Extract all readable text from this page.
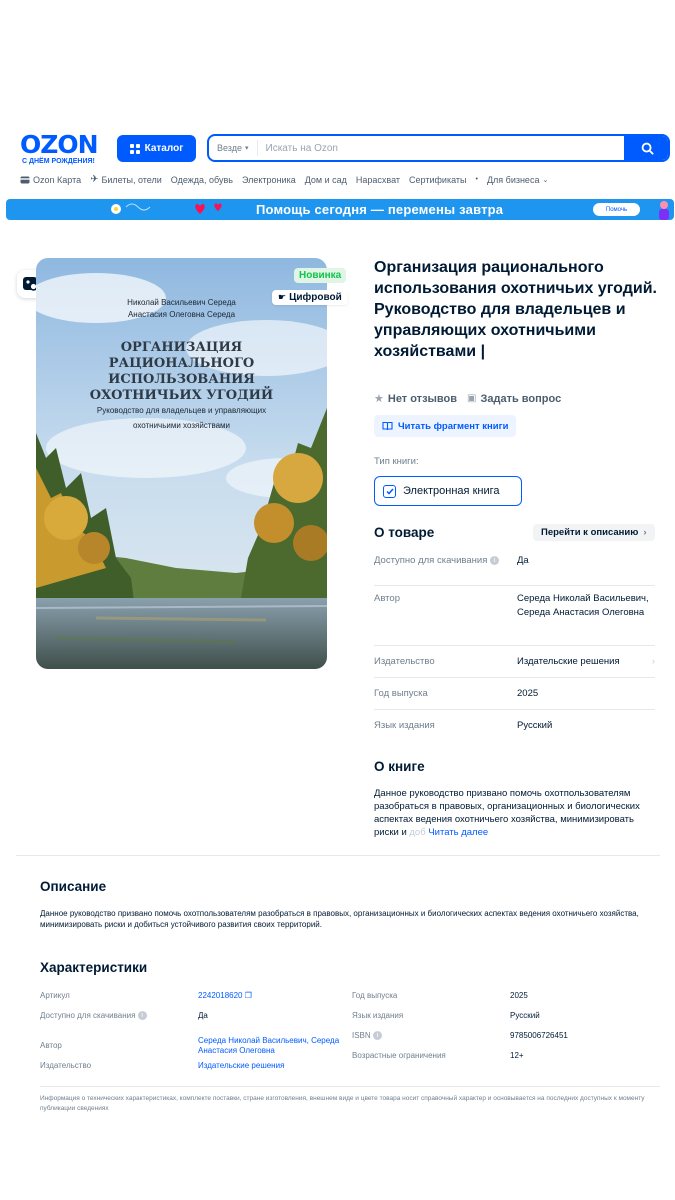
OZON
С ДНЁМ РОЖДЕНИЯ!
Каталог	Везде ▾
Искать на Ozon
Ozon Карта ✈ Билеты, отели Одежда, обувь Электроника Дом и сад Нарасхват Сертификаты • Для бизнеса ⌄
Помощь сегодня — перемены завтра	Помочь
Николай Васильевич Середа
Анастасия Олеговна Середа
ОРГАНИЗАЦИЯ РАЦИОНАЛЬНОГО ИСПОЛЬЗОВАНИЯ ОХОТНИЧЬИХ УГОДИЙ
Руководство для владельцев и управляющих охотничьими хозяйствами
Новинка
☛ Цифровой
Организация рационального использования охотничьих угодий. Руководство для владельцев и управляющих охотничьими хозяйствами |
★ Нет отзывов ▣ Задать вопрос
Читать фрагмент книги
Тип книги:
Электронная книга
О товаре	Перейти к описанию ›
Доступно для скачивания i	Да
Автор	Середа Николай Васильевич, Середа Анастасия Олеговна
Издательство	Издательские решения	›
Год выпуска	2025
Язык издания	Русский
О книге
Данное руководство призвано помочь охотпользователям разобраться в правовых, организационных и биологических аспектах ведения охотничьего хозяйства, минимизировать риски и доб Читать далее
Описание
Данное руководство призвано помочь охотпользователям разобраться в правовых, организационных и биологических аспектах ведения охотничьего хозяйства, минимизировать риски и добиться устойчивого развития своих территорий.
Характеристики
Артикул	2242018620 ❐
Доступно для скачивания i	Да
Автор
Середа Николай Васильевич, Середа Анастасия Олеговна
Издательство	Издательские решения
Год выпуска	2025
Язык издания	Русский
ISBN i	9785006726451
Возрастные ограничения	12+
Информация о технических характеристиках, комплекте поставки, стране изготовления, внешнем виде и цвете товара носит справочный характер и основывается на последних доступных к моменту публикации сведениях
